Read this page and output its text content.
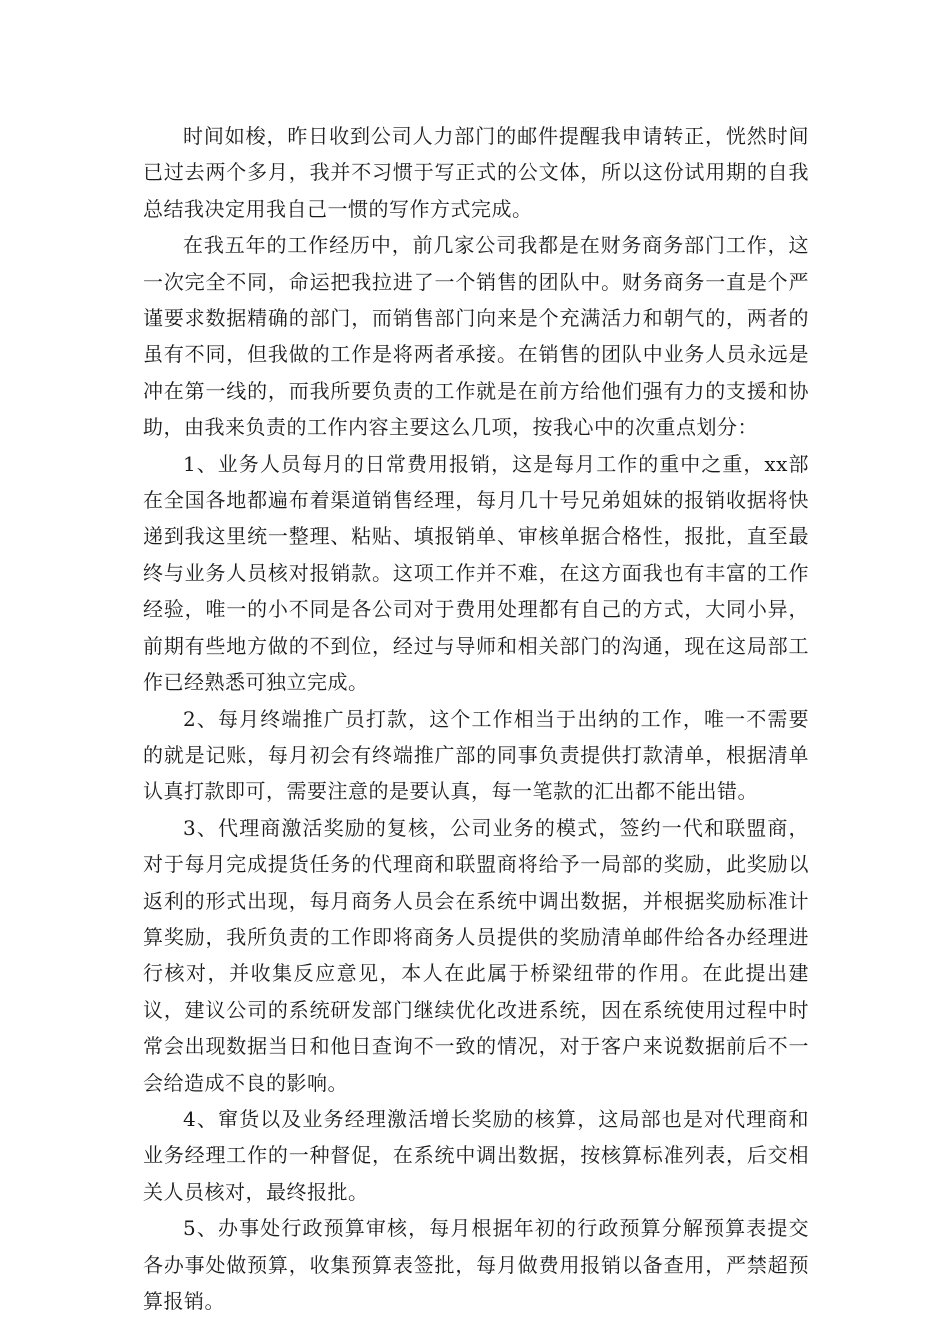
时间如梭，昨日收到公司人力部门的邮件提醒我申请转正，恍然时间已过去两个多月，我并不习惯于写正式的公文体，所以这份试用期的自我总结我决定用我自己一惯的写作方式完成。

在我五年的工作经历中，前几家公司我都是在财务商务部门工作，这一次完全不同，命运把我拉进了一个销售的团队中。财务商务一直是个严谨要求数据精确的部门，而销售部门向来是个充满活力和朝气的，两者的虽有不同，但我做的工作是将两者承接。在销售的团队中业务人员永远是冲在第一线的，而我所要负责的工作就是在前方给他们强有力的支援和协助，由我来负责的工作内容主要这么几项，按我心中的次重点划分：

1、业务人员每月的日常费用报销，这是每月工作的重中之重，xx部在全国各地都遍布着渠道销售经理，每月几十号兄弟姐妹的报销收据将快递到我这里统一整理、粘贴、填报销单、审核单据合格性，报批，直至最终与业务人员核对报销款。这项工作并不难，在这方面我也有丰富的工作经验，唯一的小不同是各公司对于费用处理都有自己的方式，大同小异，前期有些地方做的不到位，经过与导师和相关部门的沟通，现在这局部工作已经熟悉可独立完成。

2、每月终端推广员打款，这个工作相当于出纳的工作，唯一不需要的就是记账，每月初会有终端推广部的同事负责提供打款清单，根据清单认真打款即可，需要注意的是要认真，每一笔款的汇出都不能出错。

3、代理商激活奖励的复核，公司业务的模式，签约一代和联盟商，对于每月完成提货任务的代理商和联盟商将给予一局部的奖励，此奖励以返利的形式出现，每月商务人员会在系统中调出数据，并根据奖励标准计算奖励，我所负责的工作即将商务人员提供的奖励清单邮件给各办经理进行核对，并收集反应意见，本人在此属于桥梁纽带的作用。在此提出建议，建议公司的系统研发部门继续优化改进系统，因在系统使用过程中时常会出现数据当日和他日查询不一致的情况，对于客户来说数据前后不一会给造成不良的影响。

4、窜货以及业务经理激活增长奖励的核算，这局部也是对代理商和业务经理工作的一种督促，在系统中调出数据，按核算标准列表，后交相关人员核对，最终报批。

5、办事处行政预算审核，每月根据年初的行政预算分解预算表提交各办事处做预算，收集预算表签批，每月做费用报销以备查用，严禁超预算报销。
